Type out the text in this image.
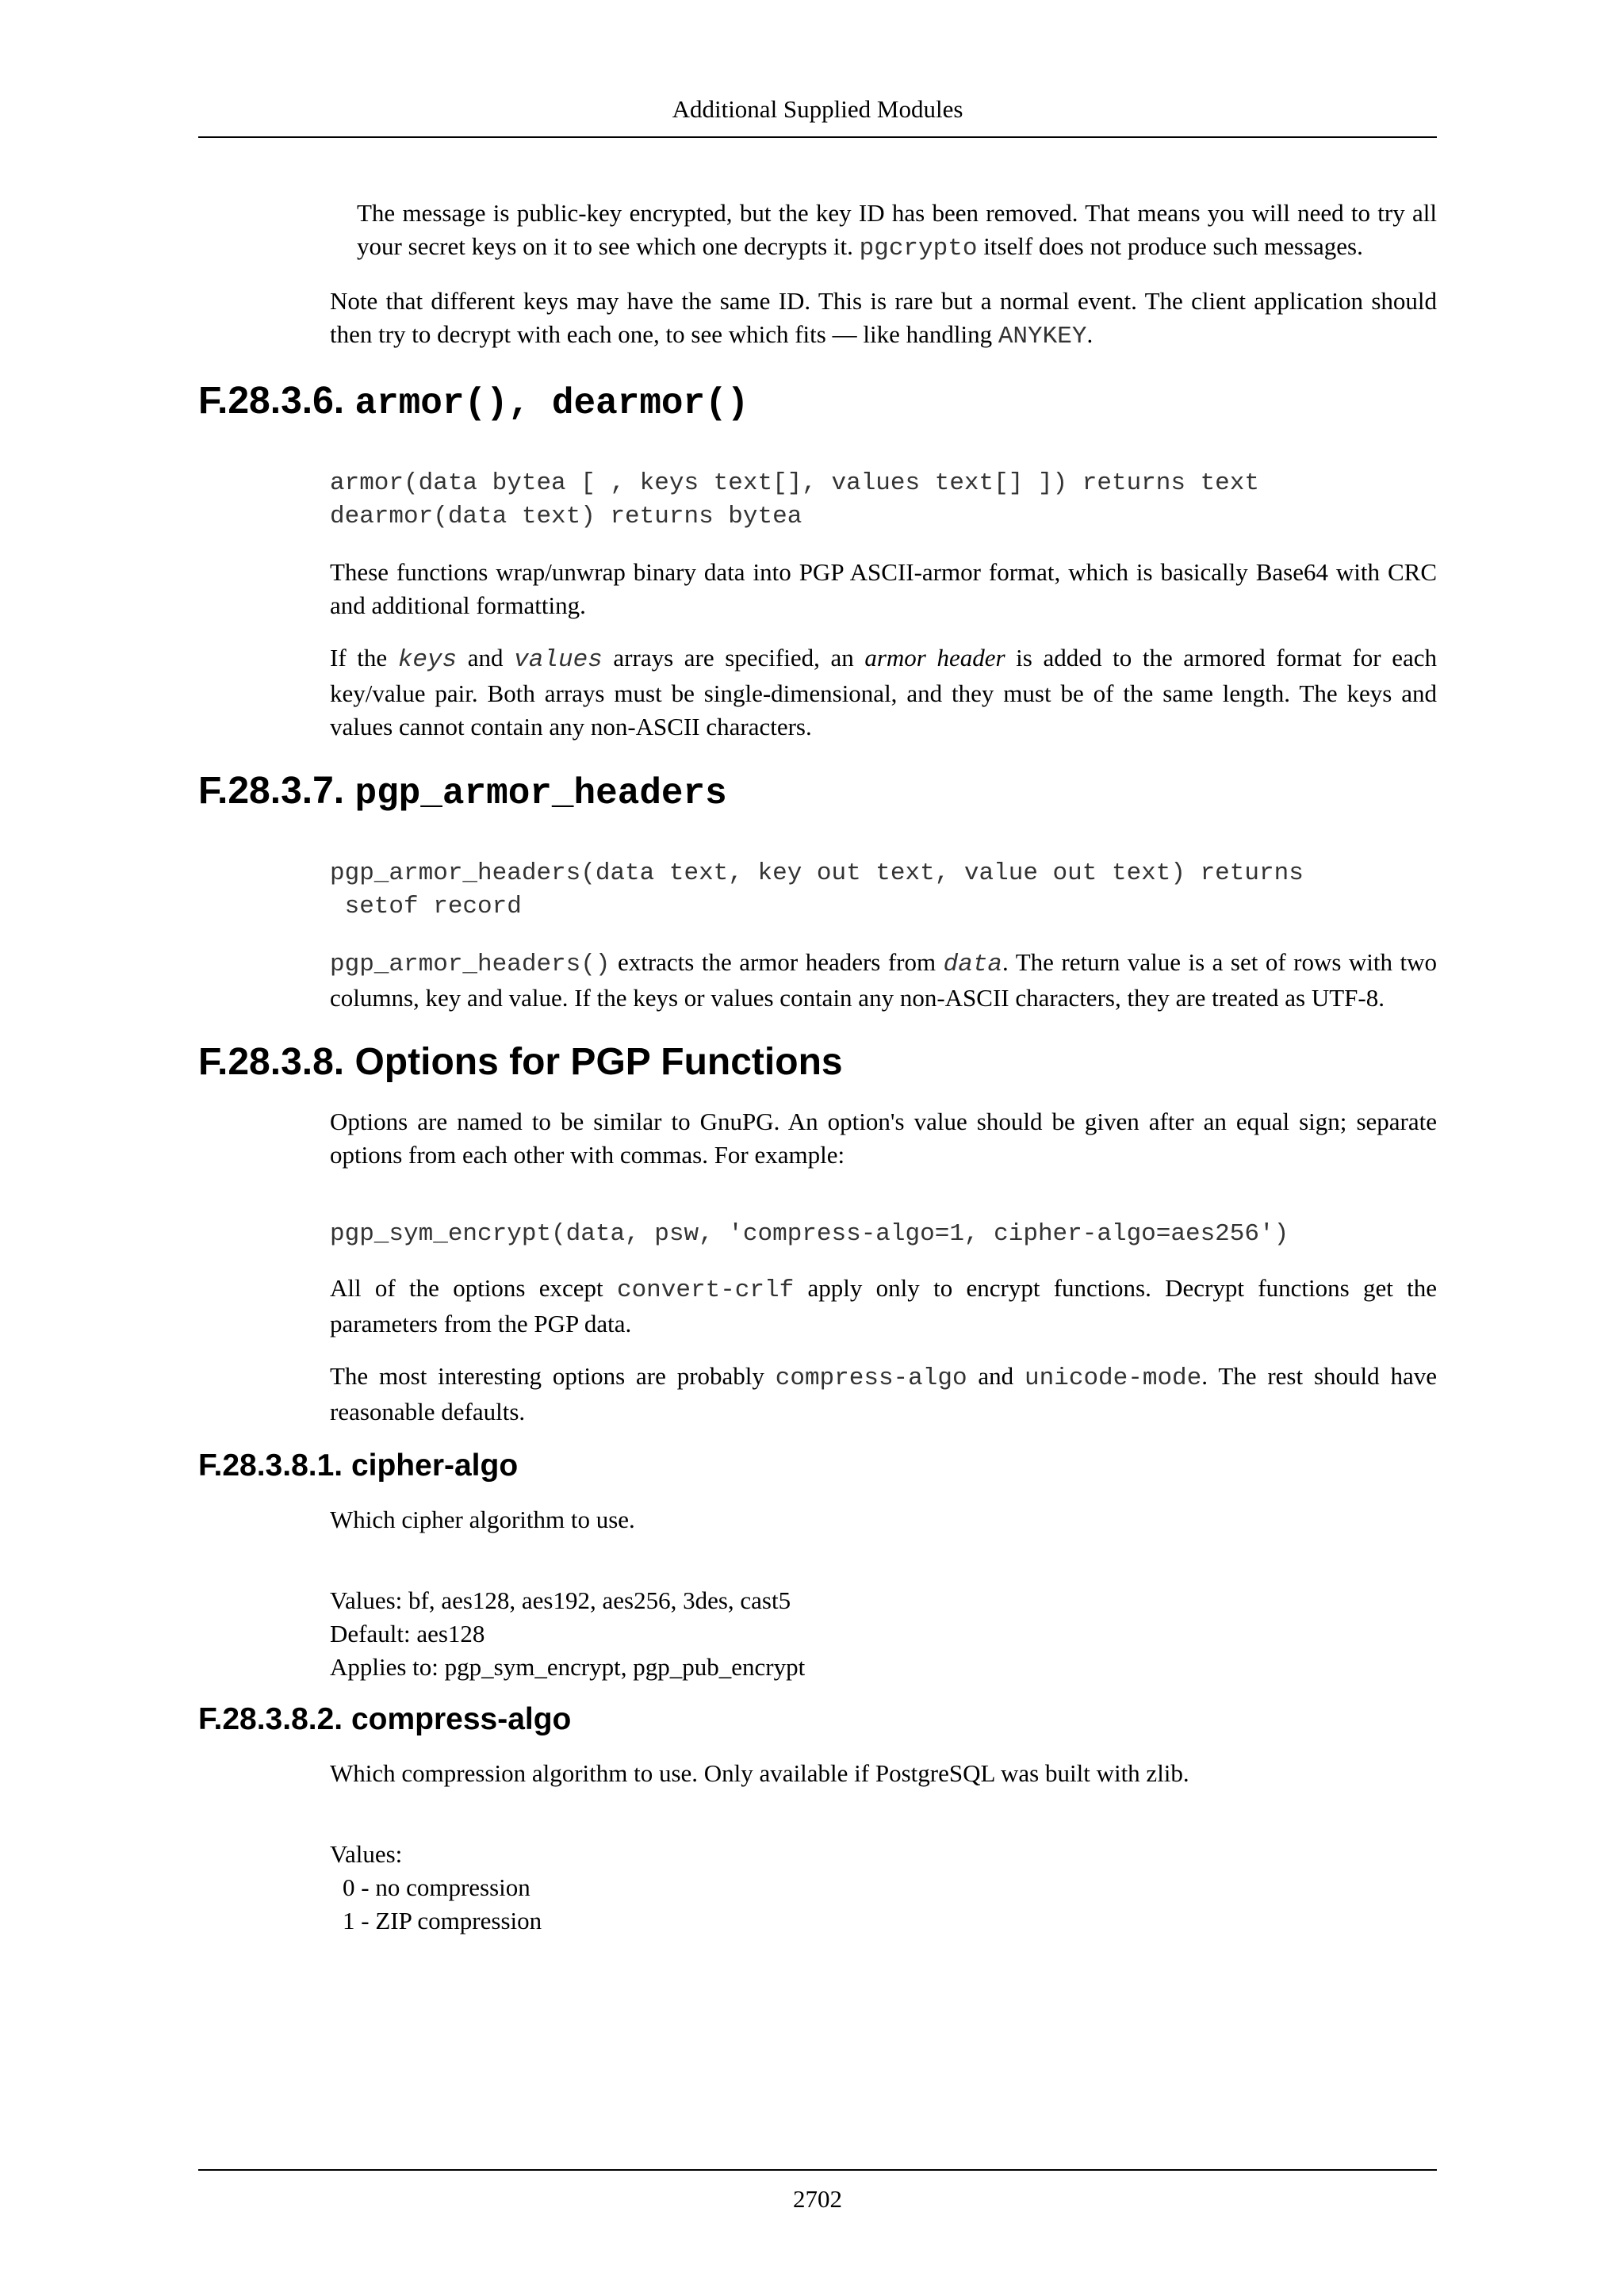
Additional Supplied Modules

The message is public-key encrypted, but the key ID has been removed. That means you will need to try all your secret keys on it to see which one decrypts it. pgcrypto itself does not produce such messages.

Note that different keys may have the same ID. This is rare but a normal event. The client application should then try to decrypt with each one, to see which fits — like handling ANYKEY.

F.28.3.6. armor(), dearmor()
armor(data bytea [ , keys text[], values text[] ]) returns text
dearmor(data text) returns bytea

These functions wrap/unwrap binary data into PGP ASCII-armor format, which is basically Base64 with CRC and additional formatting.

If the keys and values arrays are specified, an armor header is added to the armored format for each key/value pair. Both arrays must be single-dimensional, and they must be of the same length. The keys and values cannot contain any non-ASCII characters.

F.28.3.7. pgp_armor_headers
pgp_armor_headers(data text, key out text, value out text) returns
setof record

pgp_armor_headers() extracts the armor headers from data. The return value is a set of rows with two columns, key and value. If the keys or values contain any non-ASCII characters, they are treated as UTF-8.

F.28.3.8. Options for PGP Functions

Options are named to be similar to GnuPG. An option's value should be given after an equal sign; separate options from each other with commas. For example:

pgp_sym_encrypt(data, psw, 'compress-algo=1, cipher-algo=aes256')

All of the options except convert-crlf apply only to encrypt functions. Decrypt functions get the parameters from the PGP data.

The most interesting options are probably compress-algo and unicode-mode. The rest should have reasonable defaults.

F.28.3.8.1. cipher-algo

Which cipher algorithm to use.

Values: bf, aes128, aes192, aes256, 3des, cast5

Default: aes128

Applies to: pgp_sym_encrypt, pgp_pub_encrypt

F.28.3.8.2. compress-algo

Which compression algorithm to use. Only available if PostgreSQL was built with zlib.

Values:

0 - no compression

1 - ZIP compression

2702
